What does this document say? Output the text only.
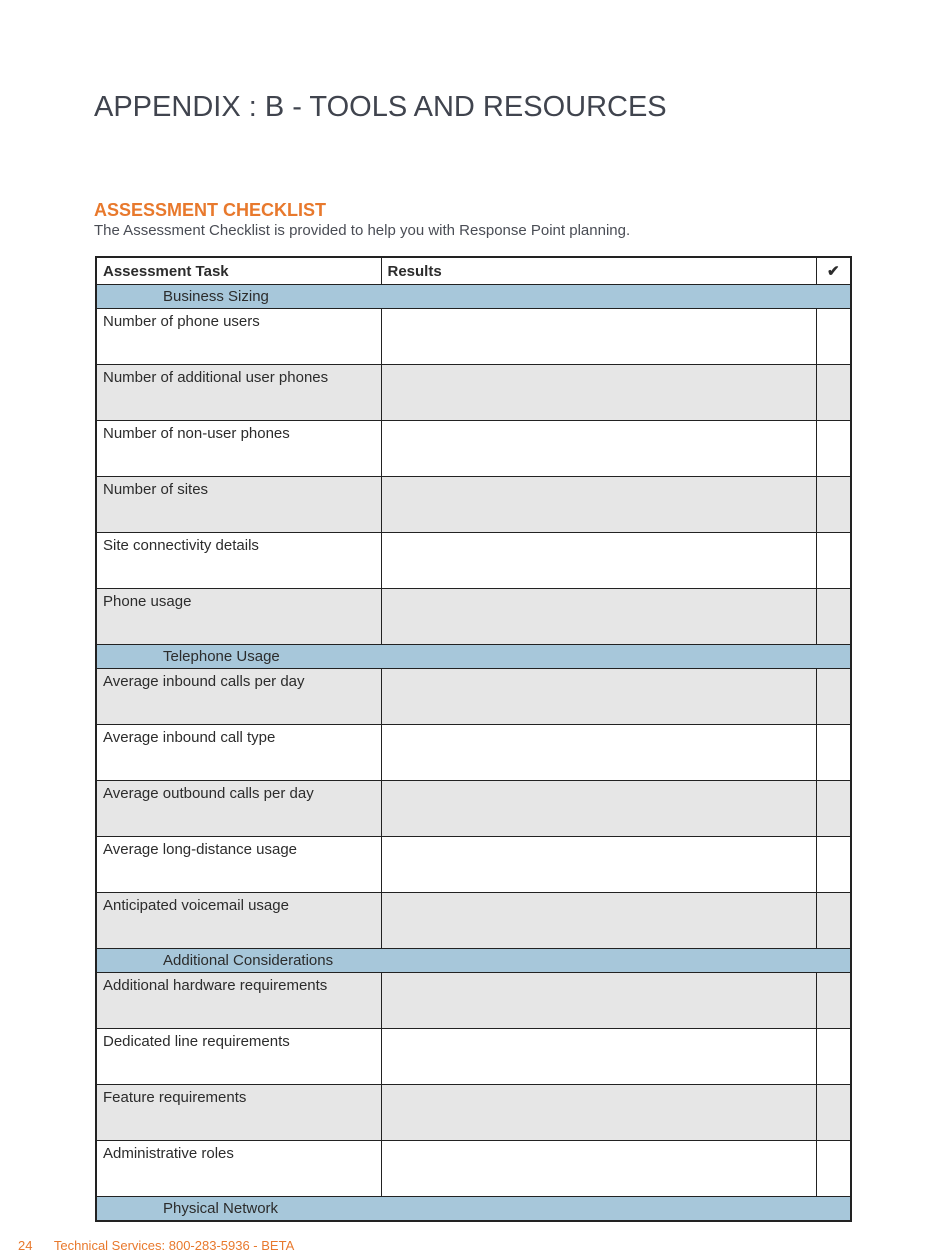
APPENDIX : B - TOOLS AND RESOURCES
ASSESSMENT CHECKLIST

The Assessment Checklist is provided to help you with Response Point planning.

Assessment Task	Results	✔
Business Sizing		
Number of phone users		
Number of additional user phones		
Number of non-user phones		
Number of sites		
Site connectivity details		
Phone usage		
Telephone Usage		
Average inbound calls per day		
Average inbound call type		
Average outbound calls per day		
Average long-distance usage		
Anticipated voicemail usage		
Additional Considerations		
Additional hardware requirements		
Dedicated line requirements		
Feature requirements		
Administrative roles		
Physical Network		
24 Technical Services: 800-283-5936 - BETA
